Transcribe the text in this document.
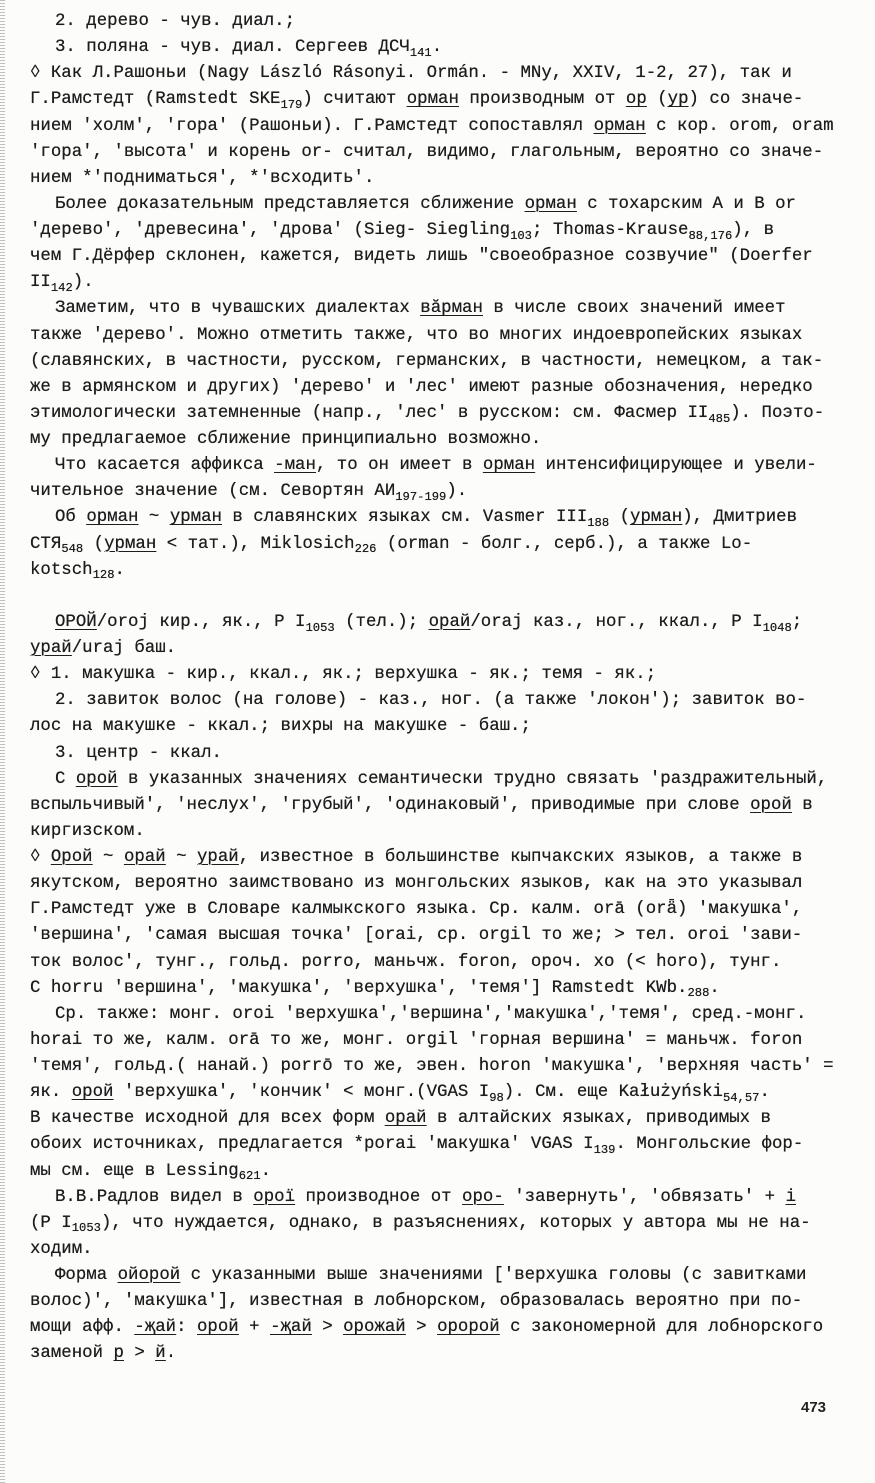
2. дерево - чув. диал.;
3. поляна - чув. диал. Сергеев $ДСЧ_{141}$.
◊ Как Л.Рашоньи (Nagy László Rásonyi. Ormán. - MNy, XXIV, 1-2, 27), так и
Г.Рамстедт (Ramstedt $SKE_{179}$) считают орман производным от ор (ур) со значе-
нием 'холм', 'гора' (Рашоньи). Г.Рамстедт сопоставлял орман с кор. orom, oram
'гора', 'высота' и корень or- считал, видимо, глагольным, вероятно со значе-
нием *'подниматься', *'всходить'.
Более доказательным представляется сближение орман с тохарским A и B or
'дерево', 'древесина', 'дрова' (Sieg- Siegling$_{103}$; Thomas-Krause$_{88,176}$), в
чем Г.Дёрфер склонен, кажется, видеть лишь "своеобразное созвучие" (Doerfer
$II_{142}$).
Заметим, что в чувашских диалектах вӑрман в числе своих значений имеет
также 'дерево'. Можно отметить также, что во многих индоевропейских языках
(славянских, в частности, русском, германских, в частности, немецком, а так-
же в армянском и других) 'дерево' и 'лес' имеют разные обозначения, нередко
этимологически затемненные (напр., 'лес' в русском: см. Фасмер $II_{485}$). Поэто-
му предлагаемое сближение принципиально возможно.
Что касается аффикса -ман, то он имеет в орман интенсифицирующее и увели-
чительное значение (см. Севортян $АИ_{197-199}$).
Об орман ~ урман в славянских языках см. Vasmer $III_{188}$ (урман), Дмитриев
$СТЯ_{548}$ (урман < тат.), Miklosich$_{226}$ (orman - болг., серб.), а также Lo-
kotsch$_{128}$.
ОРОЙ/oroj кир., як., Р $I_{1053}$ (тел.); орай/oraj каз., ног., ккал., Р $I_{1048}$;
урай/uraj баш.
◊ 1. макушка - кир., ккал., як.; верхушка - як.; темя - як.;
2. завиток волос (на голове) - каз., ног. (а также 'локон'); завиток во-
лос на макушке - ккал.; вихры на макушке - баш.;
3. центр - ккал.
С орой в указанных значениях семантически трудно связать 'раздражительный,
вспыльчивый', 'неслух', 'грубый', 'одинаковый', приводимые при слове орой в
киргизском.
◊ Орой ~ орай ~ урай, известное в большинстве кыпчакских языков, а также в
якутском, вероятно заимствовано из монгольских языков, как на это указывал
Г.Рамстедт уже в Словаре калмыкского языка. Ср. калм. orā (orǟ) 'макушка',
'вершина', 'самая высшая точка' [orai, ср. orgil то же; > тел. oroi 'зави-
ток волос', тунг., гольд. porro, маньчж. foron, ороч. xo (< horo), тунг.
С horru 'вершина', 'макушка', 'верхушка', 'темя'] Ramstedt $KWb._{288}$.
Ср. также: монг. oroi 'верхушка','вершина','макушка','темя', сред.-монг.
horai то же, калм. orā то же, монг. orgil 'горная вершина' = маньчж. foron
'темя', гольд.( нанай.) porrō то же, эвен. horon 'макушка', 'верхняя часть' =
як. орой 'верхушка', 'кончик' < монг.(VGAS $I_{98}$). См. еще Kałużyński$_{54,57}$.
В качестве исходной для всех форм орай в алтайских языках, приводимых в
обоих источниках, предлагается *porai 'макушка' VGAS $I_{139}$. Монгольские фор-
мы см. еще в Lessing$_{621}$.
В.В.Радлов видел в орої производное от оро- 'завернуть', 'обвязать' + і
(Р $I_{1053}$), что нуждается, однако, в разъяснениях, которых у автора мы не на-
ходим.
Форма ойорой с указанными выше значениями ['верхушка головы (с завитками
волос)', 'макушка'], известная в лобнорском, образовалась вероятно при по-
мощи афф. -җай: орой + -җай > орожай > оророй с закономерной для лобнорского
заменой р > й.
473
